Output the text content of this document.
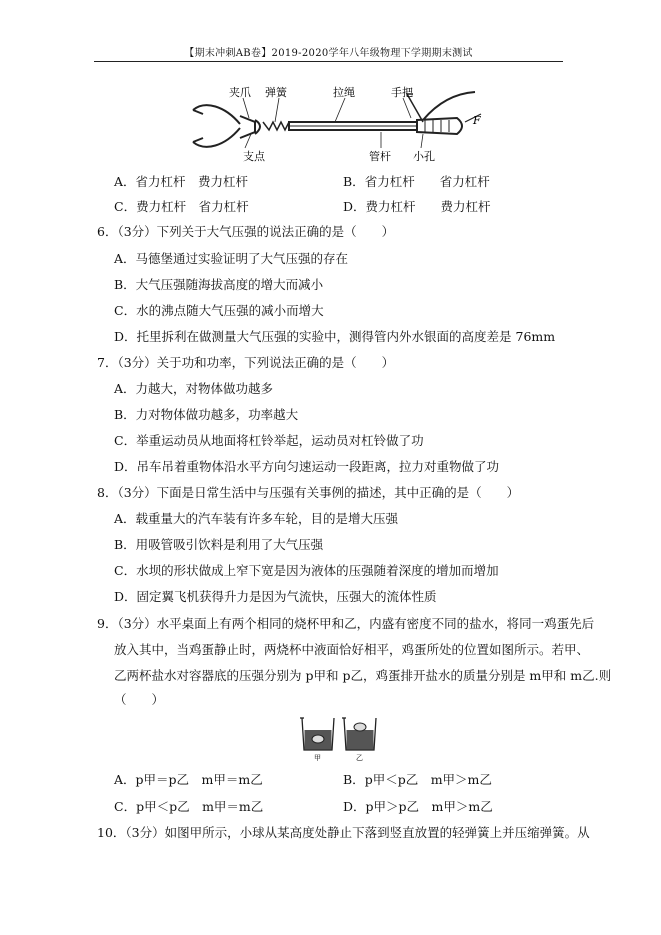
【期末冲刺AB卷】2019-2020学年八年级物理下学期期末测试
夹爪 弹簧	拉绳	手把
F
支点	管杆 小孔
A．省力杠杆　费力杠杆	B．省力杠杆　　省力杠杆
C．费力杠杆　省力杠杆	D．费力杠杆　　费力杠杆
6．（3分）下列关于大气压强的说法正确的是（　　）
A．马德堡通过实验证明了大气压强的存在
B．大气压强随海拔高度的增大而减小
C．水的沸点随大气压强的减小而增大
D．托里拆利在做测量大气压强的实验中，测得管内外水银面的高度差是 76mm
7．（3分）关于功和功率，下列说法正确的是（　　）
A．力越大，对物体做功越多
B．力对物体做功越多，功率越大
C．举重运动员从地面将杠铃举起，运动员对杠铃做了功
D．吊车吊着重物体沿水平方向匀速运动一段距离，拉力对重物做了功
8．（3分）下面是日常生活中与压强有关事例的描述，其中正确的是（　　）
A．载重量大的汽车装有许多车轮，目的是增大压强
B．用吸管吸引饮料是利用了大气压强
C．水坝的形状做成上窄下宽是因为液体的压强随着深度的增加而增加
D．固定翼飞机获得升力是因为气流快，压强大的流体性质
9．（3分）水平桌面上有两个相同的烧杯甲和乙，内盛有密度不同的盐水，将同一鸡蛋先后
放入其中，当鸡蛋静止时，两烧杯中液面恰好相平，鸡蛋所处的位置如图所示。若甲、
乙两杯盐水对容器底的压强分别为 p甲和 p乙，鸡蛋排开盐水的质量分别是 m甲和 m乙.则
（　　）
甲	乙
A．p甲＝p乙　m甲＝m乙	B．p甲＜p乙　m甲＞m乙
C．p甲＜p乙　m甲＝m乙	D．p甲＞p乙　m甲＞m乙
10．（3分）如图甲所示，小球从某高度处静止下落到竖直放置的轻弹簧上并压缩弹簧。从
